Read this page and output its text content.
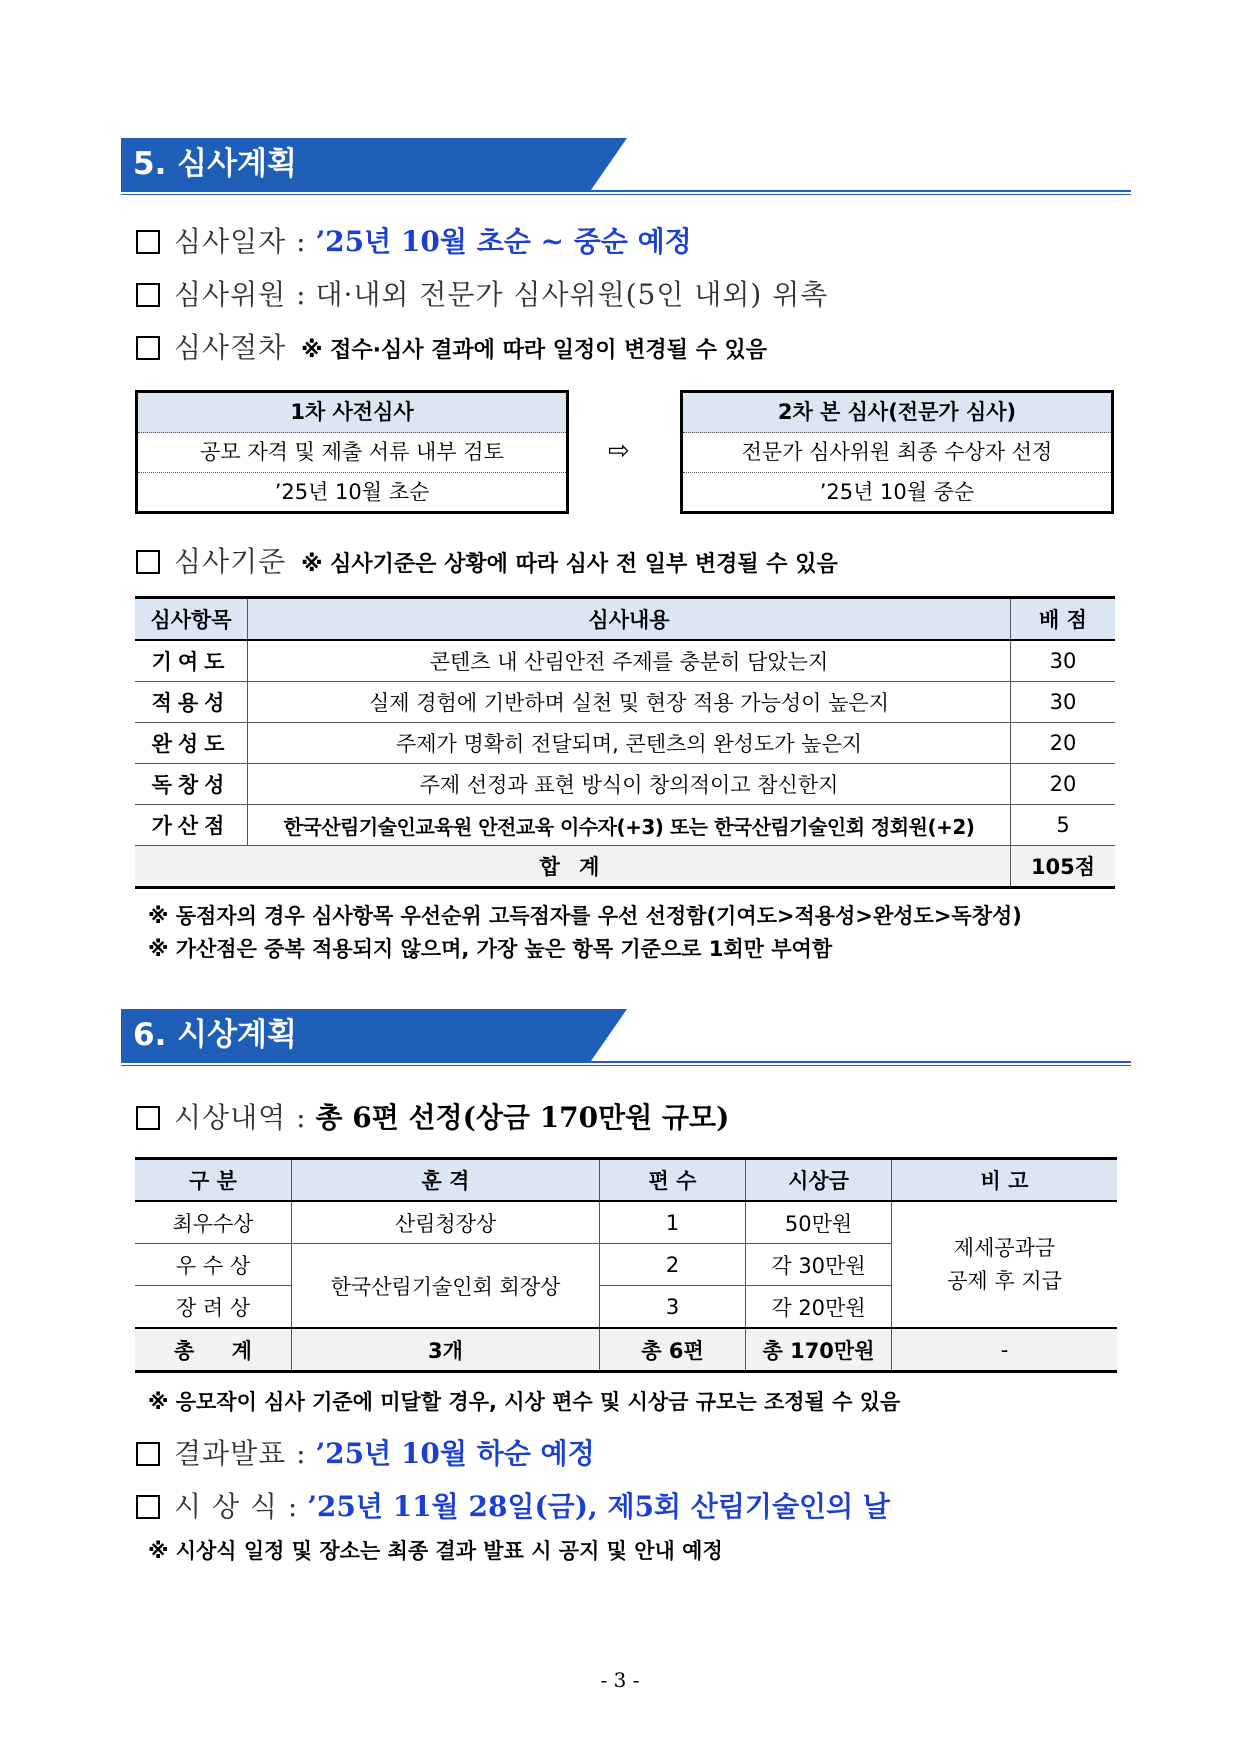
5. 심사계획
심사일자 : ’25년 10월 초순 ~ 중순 예정
심사위원 : 대·내외 전문가 심사위원(5인 내외) 위촉
심사절차 ※ 접수·심사 결과에 따라 일정이 변경될 수 있음
1차 사전심사
공모 자격 및 제출 서류 내부 검토
’25년 10월 초순
⇨
2차 본 심사(전문가 심사)
전문가 심사위원 최종 수상자 선정
’25년 10월 중순
심사기준 ※ 심사기준은 상황에 따라 심사 전 일부 변경될 수 있음
심사항목	심사내용	배 점
기여도	콘텐츠 내 산림안전 주제를 충분히 담았는지	30
적용성	실제 경험에 기반하며 실천 및 현장 적용 가능성이 높은지	30
완성도	주제가 명확히 전달되며, 콘텐츠의 완성도가 높은지	20
독창성	주제 선정과 표현 방식이 창의적이고 참신한지	20
가산점	한국산림기술인교육원 안전교육 이수자(+3) 또는 한국산림기술인회 정회원(+2)	5
합 계		105점
※ 동점자의 경우 심사항목 우선순위 고득점자를 우선 선정함(기여도>적용성>완성도>독창성)
※ 가산점은 중복 적용되지 않으며, 가장 높은 항목 기준으로 1회만 부여함
6. 시상계획
시상내역 : 총 6편 선정(상금 170만원 규모)
구 분	훈 격	편 수	시상금	비 고
최우수상	산림청장상	1	50만원	제세공과금
공제 후 지급
우 수 상	한국산림기술인회 회장상	2	각 30만원	
장 려 상		3	각 20만원	
총 계	3개	총 6편	총 170만원	-
※ 응모작이 심사 기준에 미달할 경우, 시상 편수 및 시상금 규모는 조정될 수 있음
결과발표 : ’25년 10월 하순 예정
시 상 식 : ’25년 11월 28일(금), 제5회 산림기술인의 날
※ 시상식 일정 및 장소는 최종 결과 발표 시 공지 및 안내 예정
- 3 -
